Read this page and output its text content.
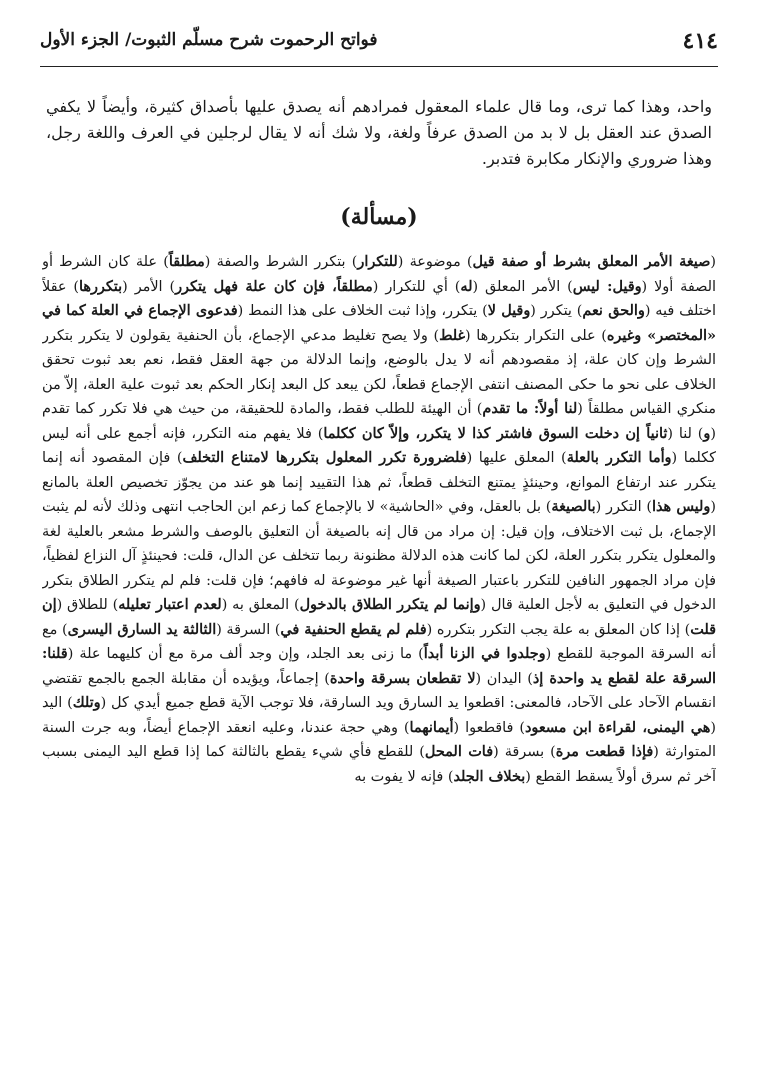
٤١٤
فواتح الرحموت شرح مسلّم الثبوت/ الجزء الأول

واحد، وهذا كما ترى، وما قال علماء المعقول فمرادهم أنه يصدق عليها بأصداق كثيرة، وأيضاً لا يكفي الصدق عند العقل بل لا بد من الصدق عرفاً ولغة، ولا شك أنه لا يقال لرجلين في العرف واللغة رجل، وهذا ضروري والإنكار مكابرة فتدبر.

(مسألة)

(صيغة الأمر المعلق بشرط أو صفة قيل) موضوعة (للتكرار) بتكرر الشرط والصفة (مطلقاً) علة كان الشرط أو الصفة أولا (وقيل: ليس) الأمر المعلق (له) أي للتكرار (مطلقاً، فإن كان علة فهل يتكرر) الأمر (بتكررها) عقلاً اختلف فيه (والحق نعم) يتكرر (وقيل لا) يتكرر، وإذا ثبت الخلاف على هذا النمط (فدعوى الإجماع في العلة كما في «المختصر» وغيره) على التكرار بتكررها (غلط) ولا يصح تغليط مدعي الإجماع، بأن الحنفية يقولون لا يتكرر بتكرر الشرط وإن كان علة، إذ مقصودهم أنه لا يدل بالوضع، وإنما الدلالة من جهة العقل فقط، نعم بعد ثبوت تحقق الخلاف على نحو ما حكى المصنف انتفى الإجماع قطعاً، لكن يبعد كل البعد إنكار الحكم بعد ثبوت علية العلة، إلاّ من منكري القياس مطلقاً (لنا أولاً: ما تقدم) أن الهيئة للطلب فقط، والمادة للحقيقة، من حيث هي فلا تكرر كما تقدم (و) لنا (ثانياً إن دخلت السوق فاشتر كذا لا يتكرر، وإلاّ كان ككلما) فلا يفهم منه التكرر، فإنه أجمع على أنه ليس ككلما (وأما التكرر بالعلة) المعلق عليها (فلضرورة تكرر المعلول بتكررها لامتناع التخلف) فإن المقصود أنه إنما يتكرر عند ارتفاع الموانع، وحينئذٍ يمتنع التخلف قطعاً، ثم هذا التقييد إنما هو عند من يجوّز تخصيص العلة بالمانع (وليس هذا) التكرر (بالصيغة) بل بالعقل، وفي «الحاشية» لا بالإجماع كما زعم ابن الحاجب انتهى وذلك لأنه لم يثبت الإجماع، بل ثبت الاختلاف، وإن قيل: إن مراد من قال إنه بالصيغة أن التعليق بالوصف والشرط مشعر بالعلية لغة والمعلول يتكرر بتكرر العلة، لكن لما كانت هذه الدلالة مظنونة ربما تتخلف عن الدال، قلت: فحينئذٍ آل النزاع لفظياً، فإن مراد الجمهور النافين للتكرر باعتبار الصيغة أنها غير موضوعة له فافهم؛ فإن قلت: فلم لم يتكرر الطلاق بتكرر الدخول في التعليق به لأجل العلية قال (وإنما لم يتكرر الطلاق بالدخول) المعلق به (لعدم اعتبار تعليله) للطلاق (إن قلت) إذا كان المعلق به علة يجب التكرر بتكرره (فلم لم يقطع الحنفية في) السرقة (الثالثة يد السارق اليسرى) مع أنه السرقة الموجبة للقطع (وجلدوا في الزنا أبداً) ما زنى بعد الجلد، وإن وجد ألف مرة مع أن كليهما علة (قلنا: السرقة علة لقطع يد واحدة إذ) اليدان (لا تقطعان بسرقة واحدة) إجماعاً، ويؤيده أن مقابلة الجمع بالجمع تقتضي انقسام الآحاد على الآحاد، فالمعنى: اقطعوا يد السارق ويد السارقة، فلا توجب الآية قطع جميع أيدي كل (وتلك) اليد (هي اليمنى، لقراءة ابن مسعود) فاقطعوا (أيمانهما) وهي حجة عندنا، وعليه انعقد الإجماع أيضاً، وبه جرت السنة المتوارثة (فإذا قطعت مرة) بسرقة (فات المحل) للقطع فأي شيء يقطع بالثالثة كما إذا قطع اليد اليمنى بسبب آخر ثم سرق أولاً يسقط القطع (بخلاف الجلد) فإنه لا يفوت به
